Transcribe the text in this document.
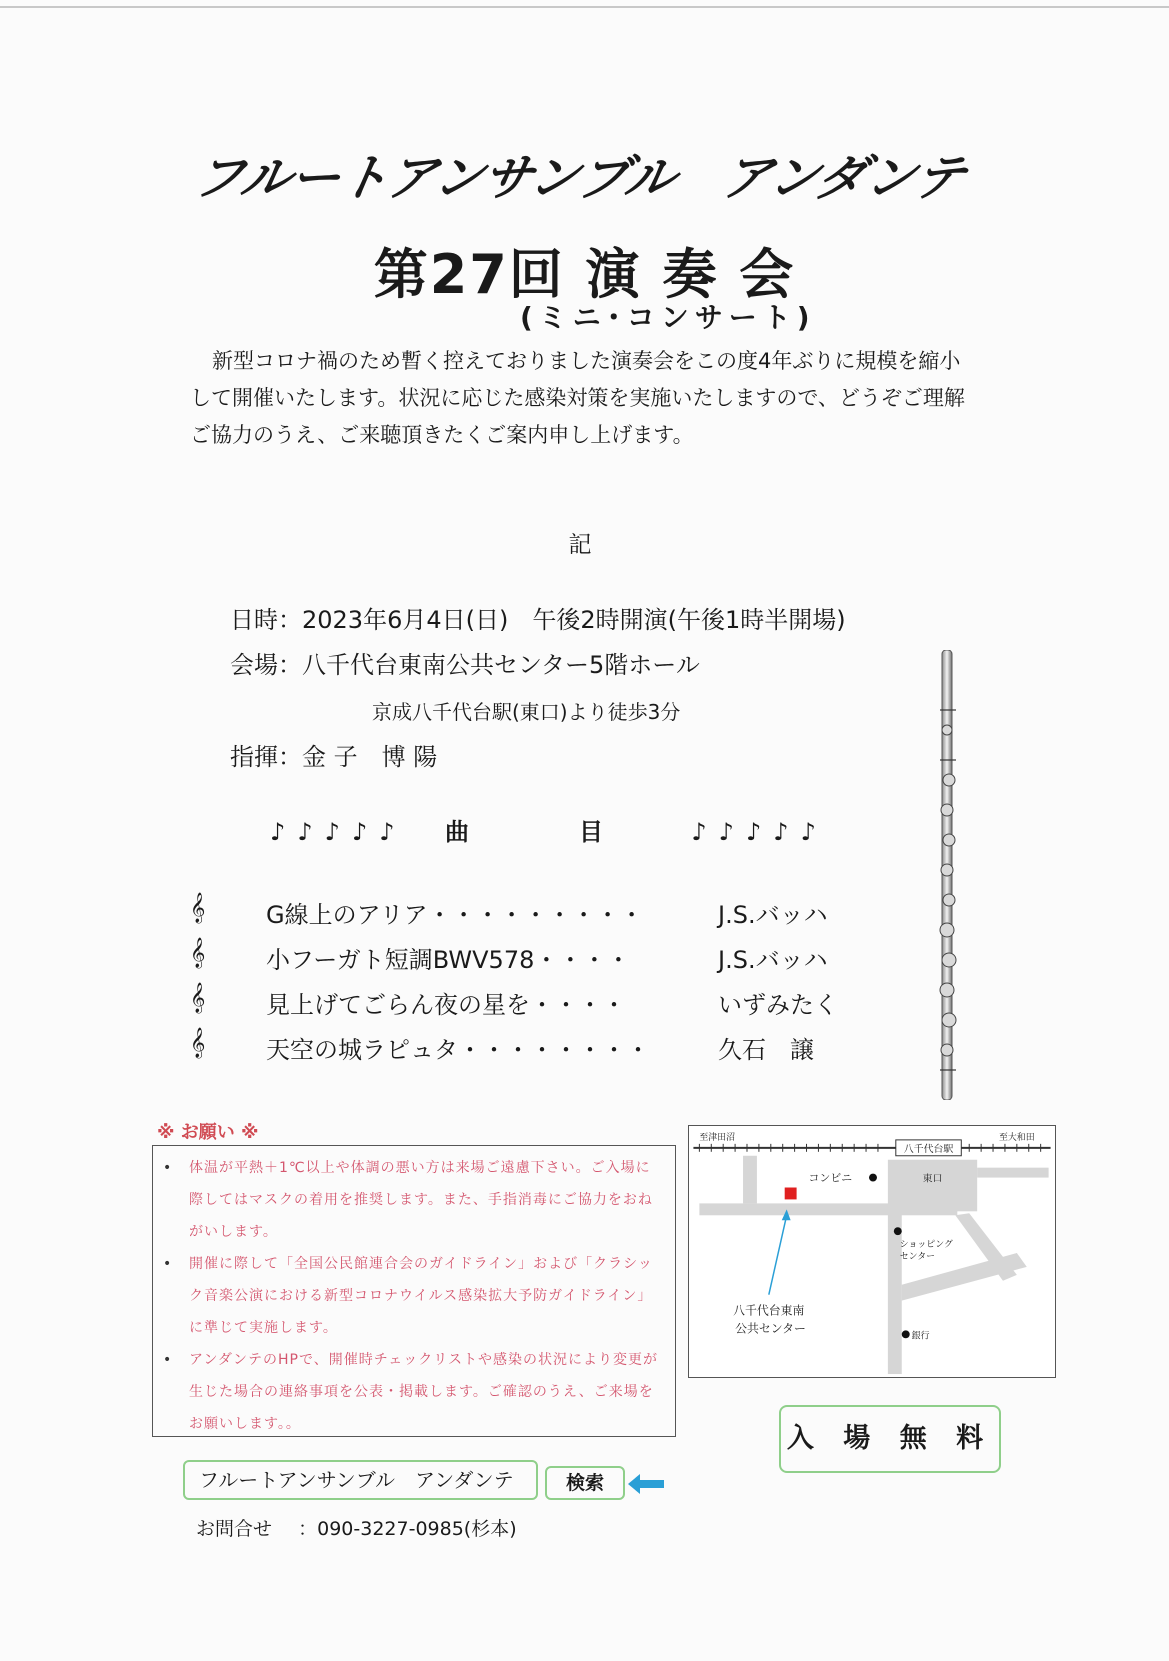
フルートアンサンブル アンダンテ
第27回 演 奏 会
(ミニ･コンサート)
新型コロナ禍のため暫く控えておりました演奏会をこの度4年ぶりに規模を縮小して開催いたします。状況に応じた感染対策を実施いたしますので、どうぞご理解ご協力のうえ、ご来聴頂きたくご案内申し上げます。
記
日時：2023年6月4日(日)　午後2時開演(午後1時半開場)
会場：八千代台東南公共センター5階ホール
京成八千代台駅(東口)より徒歩3分
指揮：金 子　博 陽
♪♪♪♪♪ 曲	目 ♪♪♪♪♪
𝄞	G線上のアリア・・・・・・・・・	J.S.バッハ
𝄞	小フーガト短調BWV578・・・・	J.S.バッハ
𝄞	見上げてごらん夜の星を・・・・	いずみたく
𝄞	天空の城ラピュタ・・・・・・・・	久石　譲
※ お願い ※
• 体温が平熱＋1℃以上や体調の悪い方は来場ご遠慮下さい。ご入場に際してはマスクの着用を推奨します。また、手指消毒にご協力をおねがいします。
• 開催に際して「全国公民館連合会のガイドライン」および「クラシック音楽公演における新型コロナウイルス感染拡大予防ガイドライン」に準じて実施します。
• アンダンテのHPで、開催時チェックリストや感染の状況により変更が生じた場合の連絡事項を公表・掲載します。ご確認のうえ、ご来場をお願いします。。
至津田沼	至大和田
八千代台駅
コンビニ	東口
ショッピング
センター
八千代台東南
公共センター
銀行
入 場 無 料
フルートアンサンブル　アンダンテ	検索
お問合せ ：090-3227-0985(杉本)
